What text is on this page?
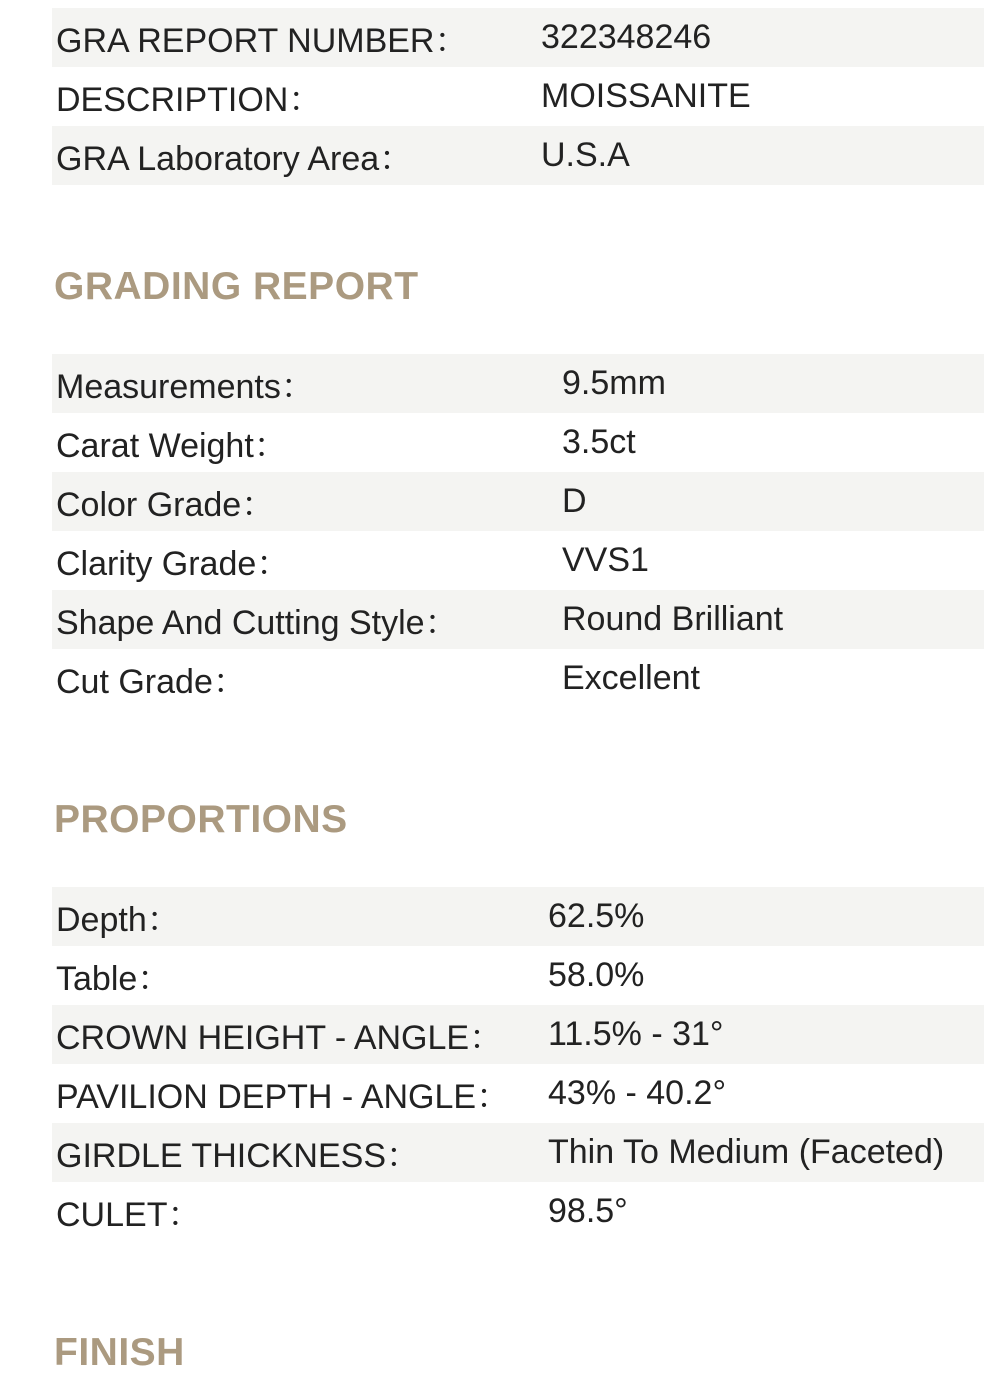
GRA REPORT NUMBER：	322348246
DESCRIPTION：	MOISSANITE
GRA Laboratory Area：	U.S.A
GRADING REPORT
Measurements：	9.5mm
Carat Weight：	3.5ct
Color Grade：	D
Clarity Grade：	VVS1
Shape And Cutting Style：	Round Brilliant
Cut Grade：	Excellent
PROPORTIONS
Depth：	62.5%
Table：	58.0%
CROWN HEIGHT - ANGLE：	11.5% - 31°
PAVILION DEPTH - ANGLE：	43% - 40.2°
GIRDLE THICKNESS：	Thin To Medium (Faceted)
CULET：	98.5°
FINISH
